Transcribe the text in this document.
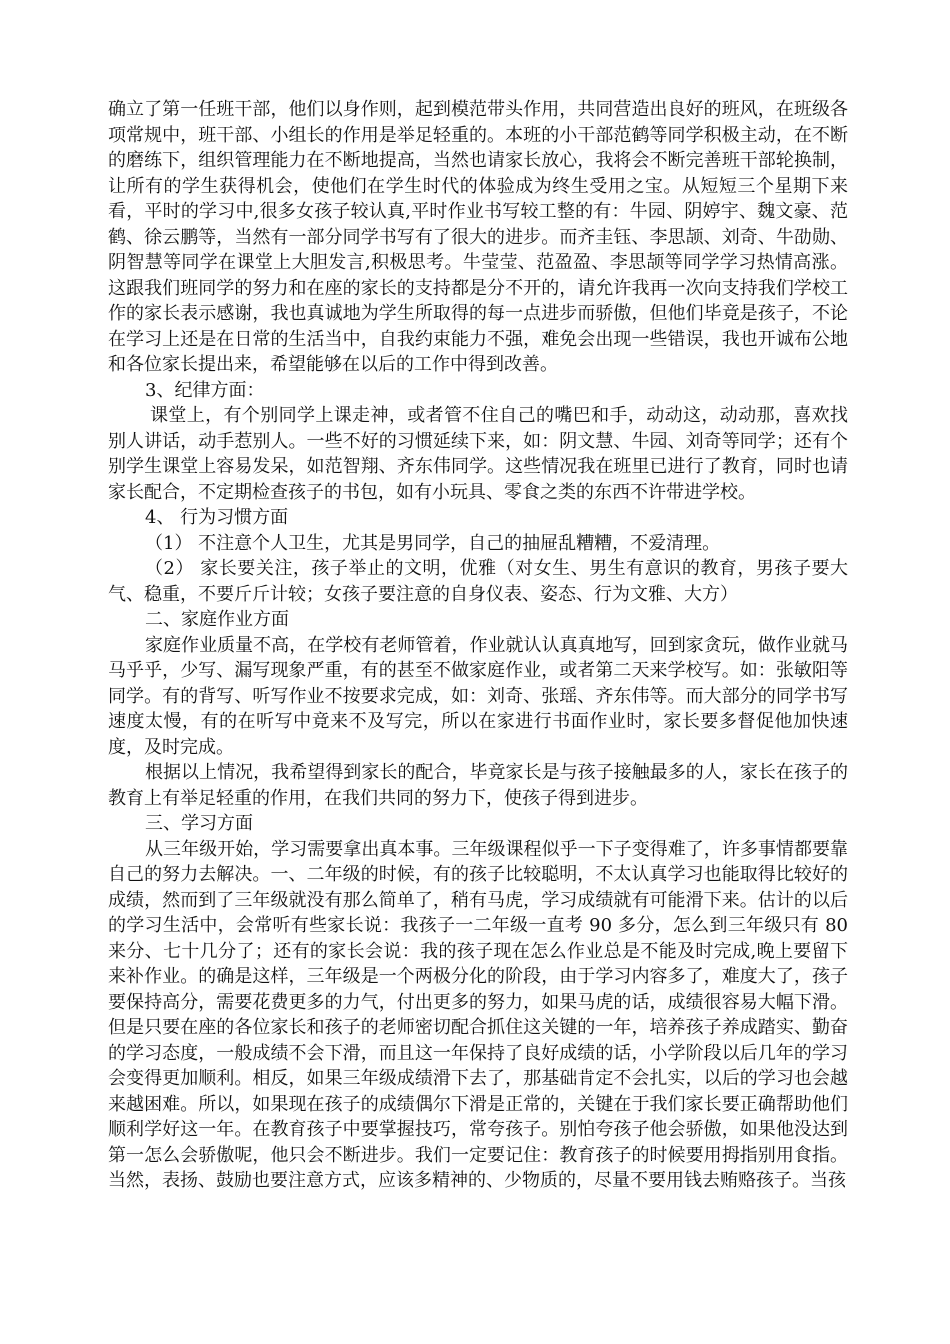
确立了第一任班干部，他们以身作则，起到模范带头作用，共同营造出良好的班风，在班级各项常规中，班干部、小组长的作用是举足轻重的。本班的小干部范鹤等同学积极主动，在不断的磨练下，组织管理能力在不断地提高，当然也请家长放心，我将会不断完善班干部轮换制，让所有的学生获得机会，使他们在学生时代的体验成为终生受用之宝。从短短三个星期下来看，平时的学习中,很多女孩子较认真,平时作业书写较工整的有：牛园、阴婷宇、魏文豪、范鹤、徐云鹏等，当然有一部分同学书写有了很大的进步。而齐圭钰、李思颉、刘奇、牛劭勋、阴智慧等同学在课堂上大胆发言,积极思考。牛莹莹、范盈盈、李思颉等同学学习热情高涨。这跟我们班同学的努力和在座的家长的支持都是分不开的，请允许我再一次向支持我们学校工作的家长表示感谢，我也真诚地为学生所取得的每一点进步而骄傲，但他们毕竟是孩子，不论在学习上还是在日常的生活当中，自我约束能力不强，难免会出现一些错误，我也开诚布公地和各位家长提出来，希望能够在以后的工作中得到改善。

3、纪律方面：

课堂上，有个别同学上课走神，或者管不住自己的嘴巴和手，动动这，动动那，喜欢找别人讲话，动手惹别人。一些不好的习惯延续下来，如：阴文慧、牛园、刘奇等同学；还有个别学生课堂上容易发呆，如范智翔、齐东伟同学。这些情况我在班里已进行了教育，同时也请家长配合，不定期检查孩子的书包，如有小玩具、零食之类的东西不许带进学校。

4、 行为习惯方面

（1） 不注意个人卫生，尤其是男同学，自己的抽屉乱糟糟，不爱清理。

（2） 家长要关注，孩子举止的文明，优雅（对女生、男生有意识的教育，男孩子要大气、稳重，不要斤斤计较；女孩子要注意的自身仪表、姿态、行为文雅、大方）

二、家庭作业方面

家庭作业质量不高，在学校有老师管着，作业就认认真真地写，回到家贪玩，做作业就马马乎乎，少写、漏写现象严重，有的甚至不做家庭作业，或者第二天来学校写。如：张敏阳等同学。有的背写、听写作业不按要求完成，如：刘奇、张瑶、齐东伟等。而大部分的同学书写速度太慢，有的在听写中竟来不及写完，所以在家进行书面作业时，家长要多督促他加快速度，及时完成。

根据以上情况，我希望得到家长的配合，毕竟家长是与孩子接触最多的人，家长在孩子的教育上有举足轻重的作用，在我们共同的努力下，使孩子得到进步。

三、学习方面

从三年级开始，学习需要拿出真本事。三年级课程似乎一下子变得难了，许多事情都要靠自己的努力去解决。一、二年级的时候，有的孩子比较聪明，不太认真学习也能取得比较好的成绩，然而到了三年级就没有那么简单了，稍有马虎，学习成绩就有可能滑下来。估计的以后的学习生活中，会常听有些家长说：我孩子一二年级一直考 90 多分，怎么到三年级只有 80 来分、七十几分了；还有的家长会说：我的孩子现在怎么作业总是不能及时完成,晚上要留下来补作业。的确是这样，三年级是一个两极分化的阶段，由于学习内容多了，难度大了，孩子要保持高分，需要花费更多的力气，付出更多的努力，如果马虎的话，成绩很容易大幅下滑。但是只要在座的各位家长和孩子的老师密切配合抓住这关键的一年，培养孩子养成踏实、勤奋的学习态度，一般成绩不会下滑，而且这一年保持了良好成绩的话，小学阶段以后几年的学习会变得更加顺利。相反，如果三年级成绩滑下去了，那基础肯定不会扎实，以后的学习也会越来越困难。所以，如果现在孩子的成绩偶尔下滑是正常的，关键在于我们家长要正确帮助他们顺利学好这一年。在教育孩子中要掌握技巧，常夸孩子。别怕夸孩子他会骄傲，如果他没达到第一怎么会骄傲呢，他只会不断进步。我们一定要记住：教育孩子的时候要用拇指别用食指。当然，表扬、鼓励也要注意方式，应该多精神的、少物质的，尽量不要用钱去贿赂孩子。当孩
